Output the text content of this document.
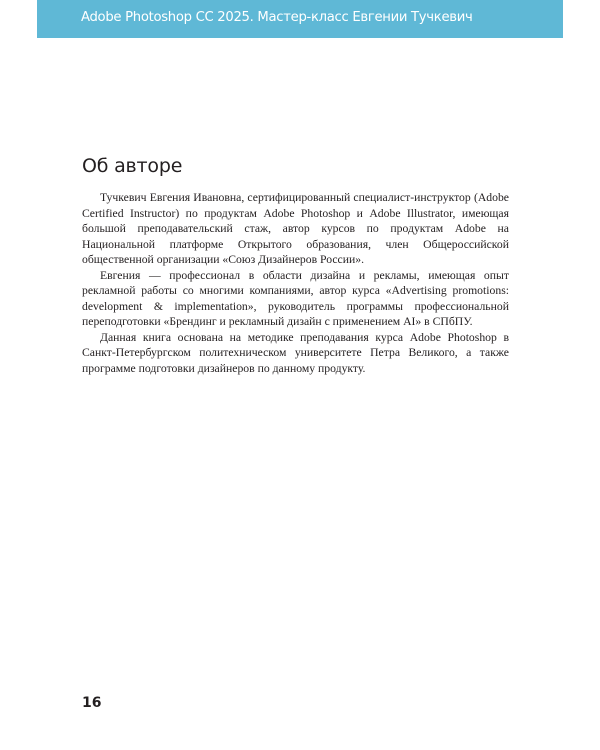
Adobe Photoshop CC 2025. Мастер-класс Евгении Тучкевич
Об авторе

Тучкевич Евгения Ивановна, сертифицированный специалист-инструктор (Adobe Certified Instructor) по продуктам Adobe Photoshop и Adobe Illustrator, имеющая большой преподавательский стаж, автор курсов по продуктам Adobe на Национальной платформе Открытого образования, член Общероссийской общественной организации «Союз Дизайнеров России».

Евгения — профессионал в области дизайна и рекламы, имеющая опыт рекламной работы со многими компаниями, автор курса «Advertising promotions: development & implementation», руководитель программы профессиональной переподготовки «Брендинг и рекламный дизайн с применением AI» в СПбПУ.

Данная книга основана на методике преподавания курса Adobe Photoshop в Санкт-Петербургском политехническом университете Петра Великого, а также программе подготовки дизайнеров по данному продукту.

16
